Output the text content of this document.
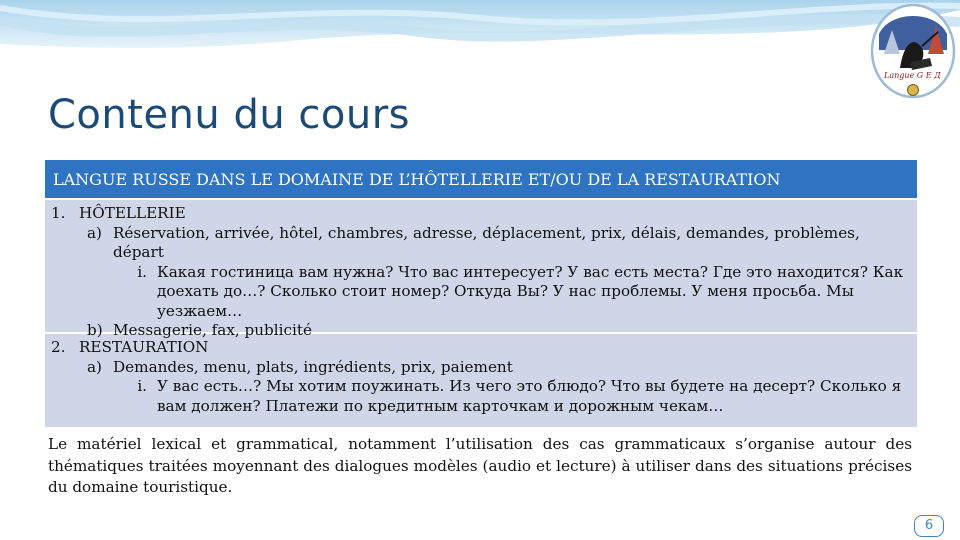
Contenu du cours
Langue G E Д
LANGUE RUSSE DANS LE DOMAINE DE L’HÔTELLERIE ET/OU DE LA RESTAURATION
1. HÔTELLERIE
a) Réservation, arrivée, hôtel, chambres, adresse, déplacement, prix, délais, demandes, problèmes, départ
i. Какая гостиница вам нужна? Что вас интересует? У вас есть места? Где это находится? Как доехать до…? Сколько стоит номер? Откуда Вы? У нас проблемы. У меня просьба. Мы уезжаем…
b) Messagerie, fax, publicité
2. RESTAURATION
a) Demandes, menu, plats, ingrédients, prix, paiement
i. У вас есть…? Мы хотим поужинать. Из чего это блюдо? Что вы будете на десерт? Сколько я вам должен? Платежи по кредитным карточкам и дорожным чекам…

Le matériel lexical et grammatical, notamment l’utilisation des cas grammaticaux s’organise autour des thématiques traitées moyennant des dialogues modèles (audio et lecture) à utiliser dans des situations précises du domaine touristique.

6
